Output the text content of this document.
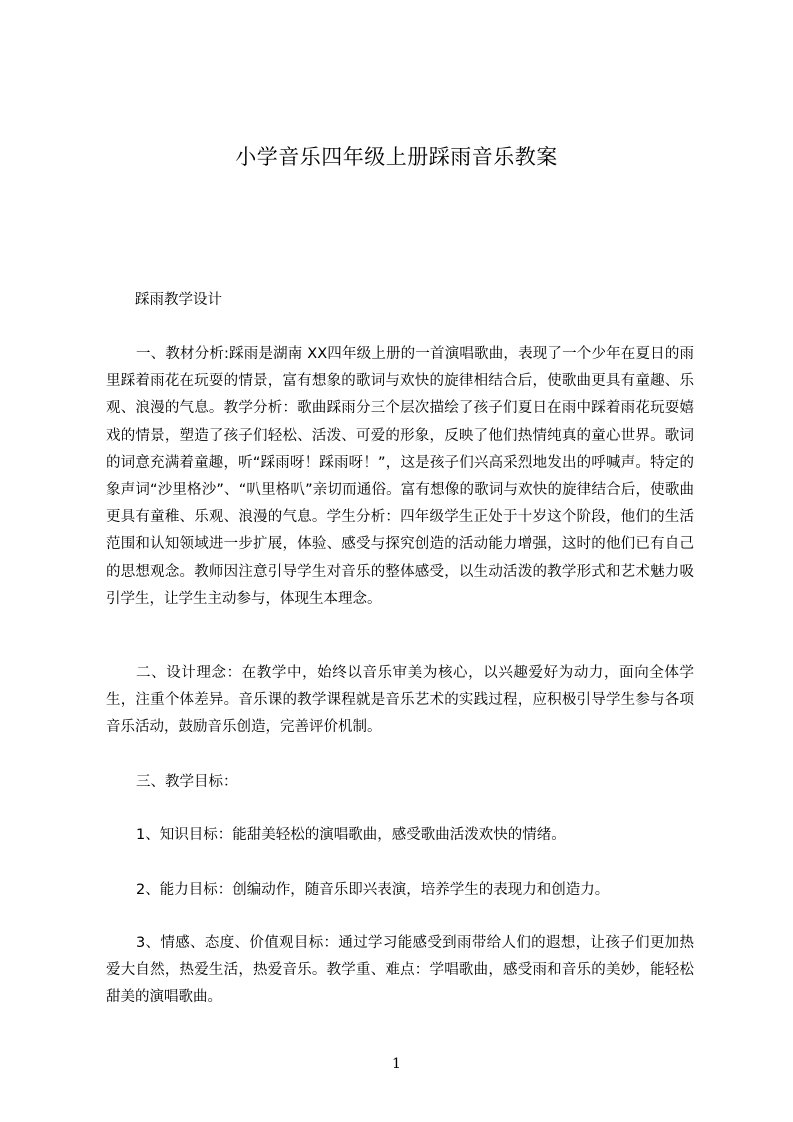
小学音乐四年级上册踩雨音乐教案
踩雨教学设计
一、教材分析:踩雨是湖南 XX四年级上册的一首演唱歌曲，表现了一个少年在夏日的雨里踩着雨花在玩耍的情景，富有想象的歌词与欢快的旋律相结合后，使歌曲更具有童趣、乐观、浪漫的气息。教学分析：歌曲踩雨分三个层次描绘了孩子们夏日在雨中踩着雨花玩耍嬉戏的情景，塑造了孩子们轻松、活泼、可爱的形象，反映了他们热情纯真的童心世界。歌词的词意充满着童趣，听“踩雨呀！踩雨呀！”，这是孩子们兴高采烈地发出的呼喊声。特定的象声词“沙里格沙”、“叭里格叭”亲切而通俗。富有想像的歌词与欢快的旋律结合后，使歌曲更具有童稚、乐观、浪漫的气息。学生分析：四年级学生正处于十岁这个阶段，他们的生活范围和认知领域进一步扩展，体验、感受与探究创造的活动能力增强，这时的他们已有自己的思想观念。教师因注意引导学生对音乐的整体感受，以生动活泼的教学形式和艺术魅力吸引学生，让学生主动参与，体现生本理念。
二、设计理念：在教学中，始终以音乐审美为核心，以兴趣爱好为动力，面向全体学生，注重个体差异。音乐课的教学课程就是音乐艺术的实践过程，应积极引导学生参与各项音乐活动，鼓励音乐创造，完善评价机制。
三、教学目标：
1、知识目标：能甜美轻松的演唱歌曲，感受歌曲活泼欢快的情绪。
2、能力目标：创编动作，随音乐即兴表演，培养学生的表现力和创造力。
3、情感、态度、价值观目标：通过学习能感受到雨带给人们的遐想，让孩子们更加热爱大自然，热爱生活，热爱音乐。教学重、难点：学唱歌曲，感受雨和音乐的美妙，能轻松甜美的演唱歌曲。
1
